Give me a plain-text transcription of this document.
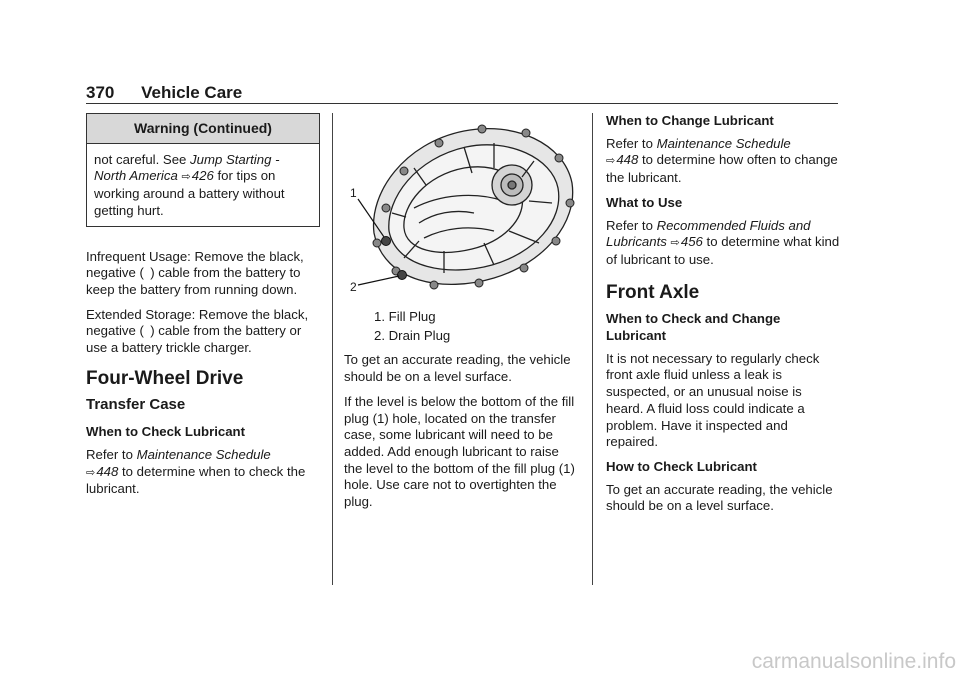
370 Vehicle Care
Warning (Continued)
not careful. See Jump Starting - North America ⇨ 426 for tips on working around a battery without getting hurt.

Infrequent Usage: Remove the black, negative (  ) cable from the battery to keep the battery from running down.

Extended Storage: Remove the black, negative (  ) cable from the battery or use a battery trickle charger.

Four-Wheel Drive
Transfer Case
When to Check Lubricant

Refer to Maintenance Schedule
⇨ 448 to determine when to check the lubricant.

1
2
1. Fill Plug
2. Drain Plug

To get an accurate reading, the vehicle should be on a level surface.

If the level is below the bottom of the fill plug (1) hole, located on the transfer case, some lubricant will need to be added. Add enough lubricant to raise the level to the bottom of the fill plug (1) hole. Use care not to overtighten the plug.

When to Change Lubricant

Refer to Maintenance Schedule
⇨ 448 to determine how often to change the lubricant.

What to Use

Refer to Recommended Fluids and Lubricants ⇨ 456 to determine what kind of lubricant to use.

Front Axle
When to Check and Change Lubricant

It is not necessary to regularly check front axle fluid unless a leak is suspected, or an unusual noise is heard. A fluid loss could indicate a problem. Have it inspected and repaired.

How to Check Lubricant

To get an accurate reading, the vehicle should be on a level surface.

carmanualsonline.info
